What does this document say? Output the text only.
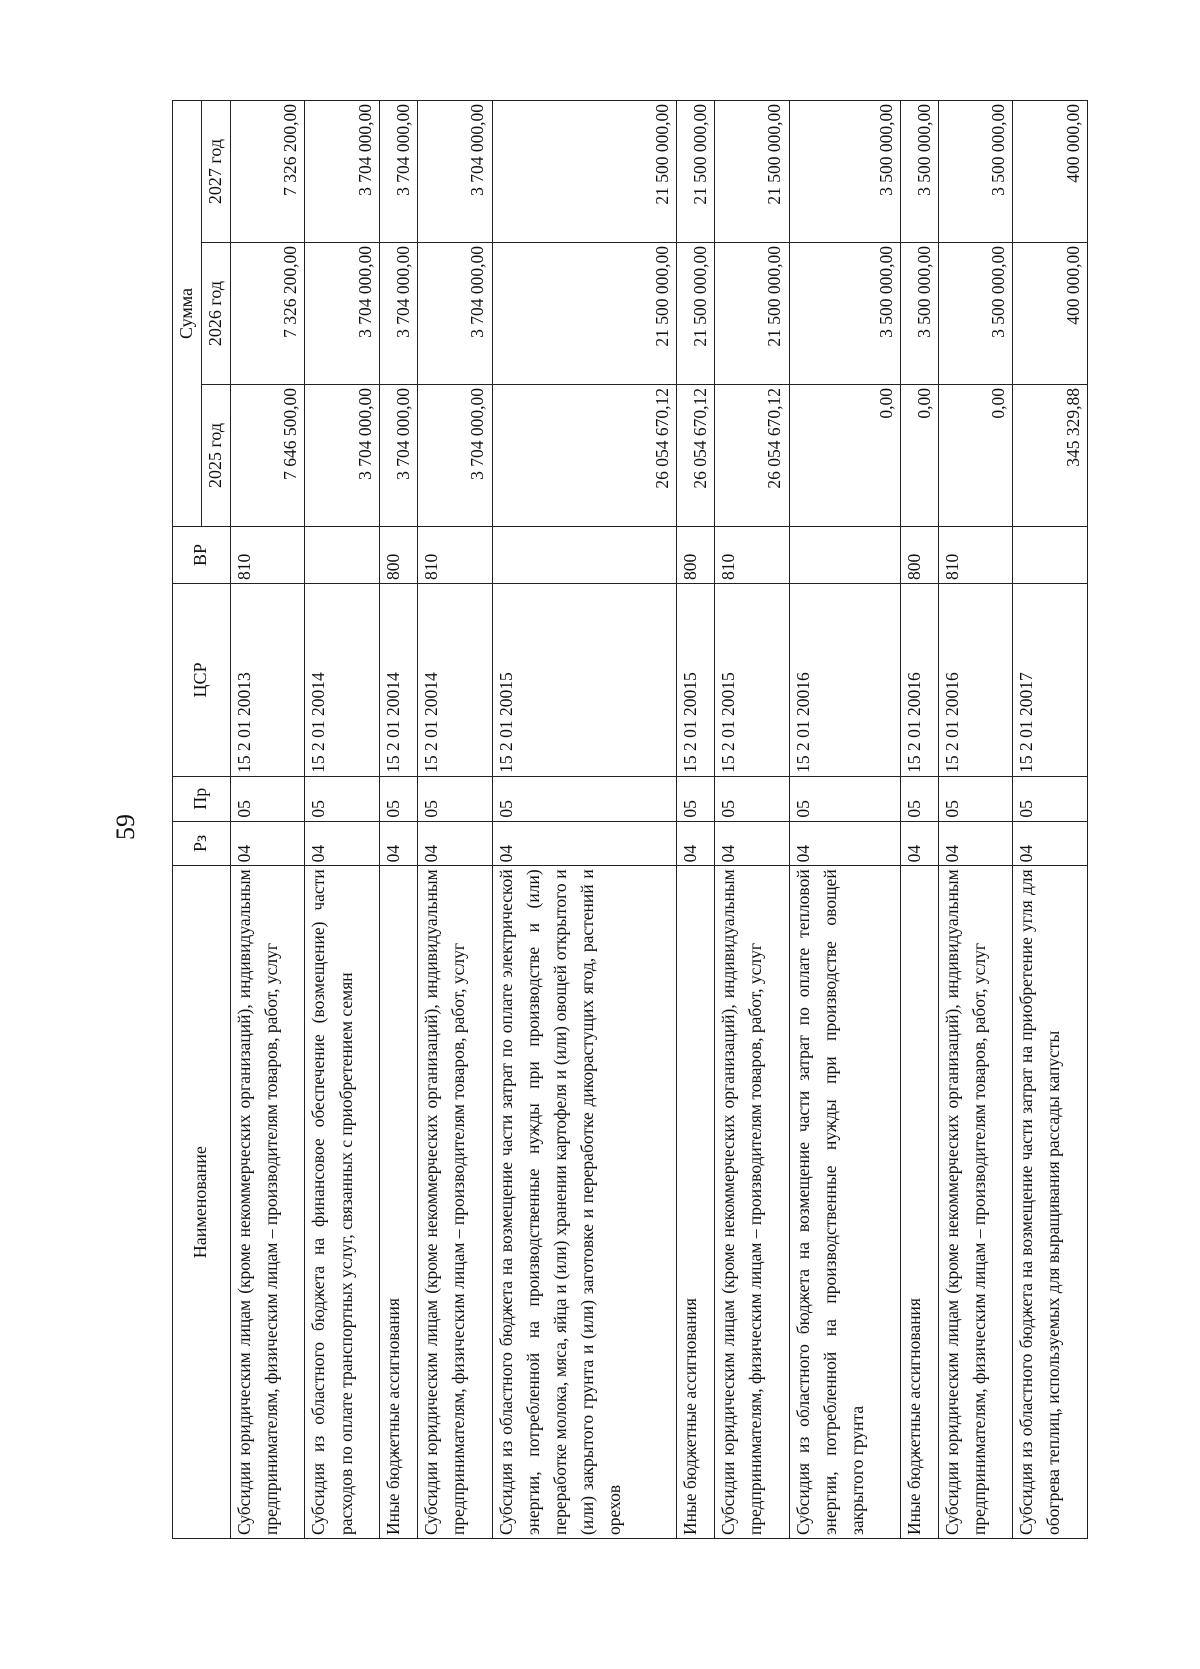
59
Наименование	Рз	Пр	ЦСР	ВР	Сумма		
					2025 год	2026 год	2027 год
Субсидии юридическим лицам (кроме некоммерческих организаций), индивидуальным предпринимателям, физическим лицам – производителям товаров, работ, услуг	04	05	15 2 01 20013	810	7 646 500,00	7 326 200,00	7 326 200,00
Субсидия из областного бюджета на финансовое обеспечение (возмещение) части расходов по оплате транспортных услуг, связанных с приобретением семян	04	05	15 2 01 20014		3 704 000,00	3 704 000,00	3 704 000,00
Иные бюджетные ассигнования	04	05	15 2 01 20014	800	3 704 000,00	3 704 000,00	3 704 000,00
Субсидии юридическим лицам (кроме некоммерческих организаций), индивидуальным предпринимателям, физическим лицам – производителям товаров, работ, услуг	04	05	15 2 01 20014	810	3 704 000,00	3 704 000,00	3 704 000,00
Субсидия из областного бюджета на возмещение части затрат по оплате электрической энергии, потребленной на производственные нужды при производстве и (или) переработке молока, мяса, яйца и (или) хранении картофеля и (или) овощей открытого и (или) закрытого грунта и (или) заготовке и переработке дикорастущих ягод, растений и орехов	04	05	15 2 01 20015		26 054 670,12	21 500 000,00	21 500 000,00
Иные бюджетные ассигнования	04	05	15 2 01 20015	800	26 054 670,12	21 500 000,00	21 500 000,00
Субсидии юридическим лицам (кроме некоммерческих организаций), индивидуальным предпринимателям, физическим лицам – производителям товаров, работ, услуг	04	05	15 2 01 20015	810	26 054 670,12	21 500 000,00	21 500 000,00
Субсидия из областного бюджета на возмещение части затрат по оплате тепловой энергии, потребленной на производственные нужды при производстве овощей закрытого грунта	04	05	15 2 01 20016		0,00	3 500 000,00	3 500 000,00
Иные бюджетные ассигнования	04	05	15 2 01 20016	800	0,00	3 500 000,00	3 500 000,00
Субсидии юридическим лицам (кроме некоммерческих организаций), индивидуальным предпринимателям, физическим лицам – производителям товаров, работ, услуг	04	05	15 2 01 20016	810	0,00	3 500 000,00	3 500 000,00
Субсидия из областного бюджета на возмещение части затрат на приобретение угля для обогрева теплиц, используемых для выращивания рассады капусты	04	05	15 2 01 20017		345 329,88	400 000,00	400 000,00
